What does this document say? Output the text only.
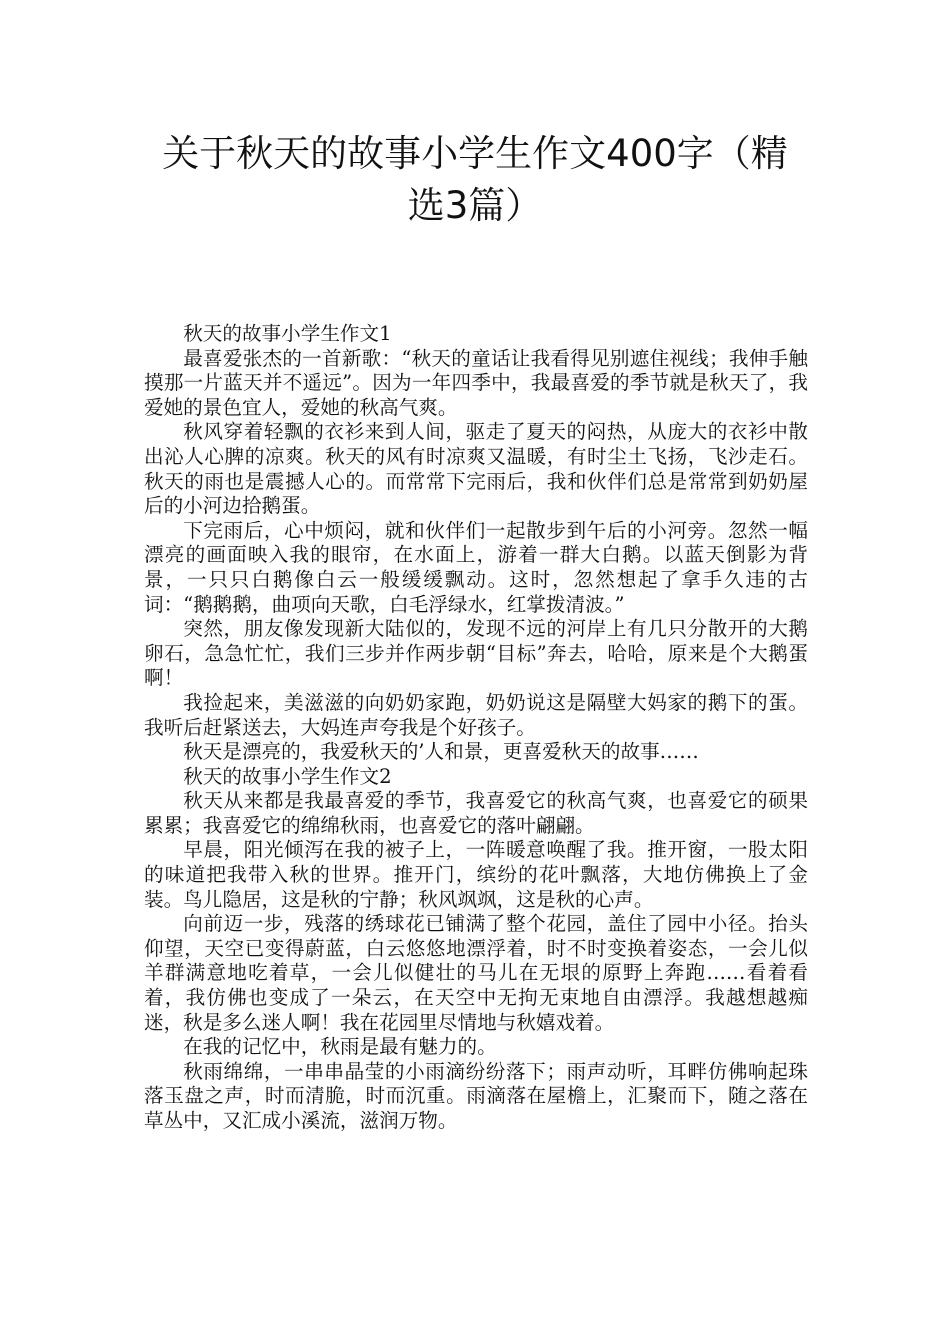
关于秋天的故事小学生作文400字（精选3篇）

秋天的故事小学生作文1

最喜爱张杰的一首新歌：“秋天的童话让我看得见别遮住视线；我伸手触摸那一片蓝天并不遥远”。因为一年四季中，我最喜爱的季节就是秋天了，我爱她的景色宜人，爱她的秋高气爽。

秋风穿着轻飘的衣衫来到人间，驱走了夏天的闷热，从庞大的衣衫中散出沁人心脾的凉爽。秋天的风有时凉爽又温暖，有时尘土飞扬，飞沙走石。秋天的雨也是震撼人心的。而常常下完雨后，我和伙伴们总是常常到奶奶屋后的小河边拾鹅蛋。

下完雨后，心中烦闷，就和伙伴们一起散步到午后的小河旁。忽然一幅漂亮的画面映入我的眼帘，在水面上，游着一群大白鹅。以蓝天倒影为背景，一只只白鹅像白云一般缓缓飘动。这时，忽然想起了拿手久违的古词：“鹅鹅鹅，曲项向天歌，白毛浮绿水，红掌拨清波。”

突然，朋友像发现新大陆似的，发现不远的河岸上有几只分散开的大鹅卵石，急急忙忙，我们三步并作两步朝“目标”奔去，哈哈，原来是个大鹅蛋啊！

我捡起来，美滋滋的向奶奶家跑，奶奶说这是隔壁大妈家的鹅下的蛋。我听后赶紧送去，大妈连声夸我是个好孩子。

秋天是漂亮的，我爱秋天的’人和景，更喜爱秋天的故事……

秋天的故事小学生作文2

秋天从来都是我最喜爱的季节，我喜爱它的秋高气爽，也喜爱它的硕果累累；我喜爱它的绵绵秋雨，也喜爱它的落叶翩翩。

早晨，阳光倾泻在我的被子上，一阵暖意唤醒了我。推开窗，一股太阳的味道把我带入秋的世界。推开门，缤纷的花叶飘落，大地仿佛换上了金装。鸟儿隐居，这是秋的宁静；秋风飒飒，这是秋的心声。

向前迈一步，残落的绣球花已铺满了整个花园，盖住了园中小径。抬头仰望，天空已变得蔚蓝，白云悠悠地漂浮着，时不时变换着姿态，一会儿似羊群满意地吃着草，一会儿似健壮的马儿在无垠的原野上奔跑……看着看着，我仿佛也变成了一朵云，在天空中无拘无束地自由漂浮。我越想越痴迷，秋是多么迷人啊！我在花园里尽情地与秋嬉戏着。

在我的记忆中，秋雨是最有魅力的。

秋雨绵绵，一串串晶莹的小雨滴纷纷落下；雨声动听，耳畔仿佛响起珠落玉盘之声，时而清脆，时而沉重。雨滴落在屋檐上，汇聚而下，随之落在草丛中，又汇成小溪流，滋润万物。
